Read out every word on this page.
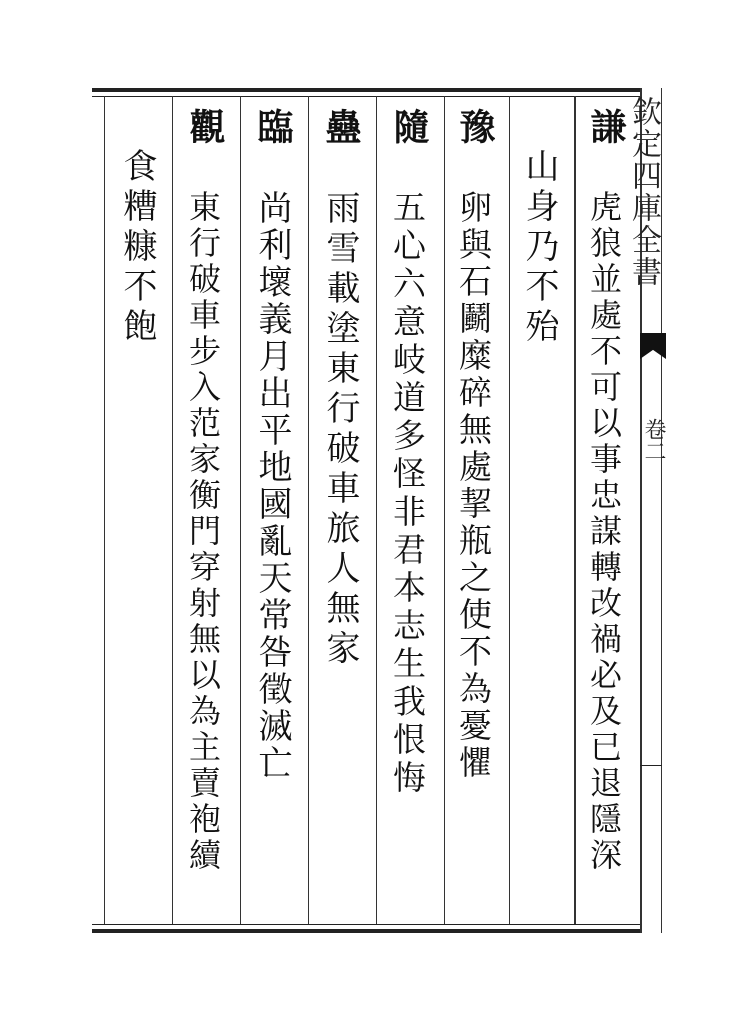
欽定四庫全書
卷二
謙
虎狼並處不可以事忠謀轉改禍必及已退隱深
山身乃不殆
豫
卵與石鬬糜碎無處挈瓶之使不為憂懼
隨
五心六意岐道多怪非君本志生我恨悔
蠱
雨雪載塗東行破車旅人無家
臨
尚利壞義月出平地國亂天常咎徵滅亡
觀
東行破車步入范家衡門穿射無以為主賣袍續
食糟糠不飽
